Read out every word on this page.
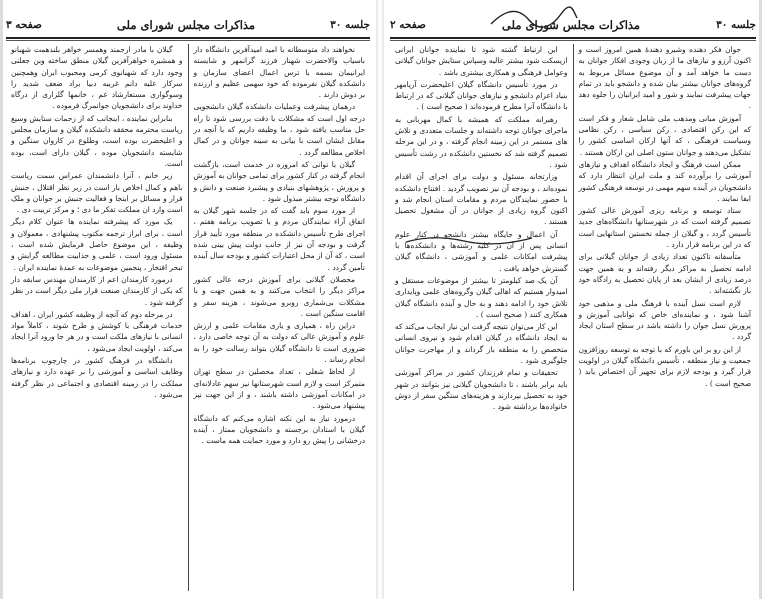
صفحه ۳	مذاکرات مجلس شورای ملی	جلسه ۳۰

نخواهند داد متوسطانه با امید امیدآفرین دانشگاه دار باسیاب والاحضرت شهناز فرزند گرانمهر و شایسته ایرانیمان بسمه با ترس اعمال اعضای سازمان و دانشکده گیلان نفرموده که خود سهمی عظیم و ارزنده بر دوش دارند .

درهمان پیشرفت وعملیات دانشکده گیلان دانشجویی درجه اول است که مشکلات با دقت بررسی شود تا راه حل مناسب یافته شود ، ما وظیفه داریم که با آنچه در مقابل ایشان است با بیانی به سینه جوانان و در کمال اخلاص مطالعه گردد .

گیلان با توانی که امروزه در خدمت است، بازگشت انجام گرفته در کنار کشور برای تمامی جوانان به آموزش و پرورش ، پژوهشهای بنیادی و پیشبرد صنعت و دانش و دانشگاه توجه بیشتر مبذول شود .

از مورد سوم باید گفت که در جلسه شهر گیلان به اتفاق آراء نمایندگان مردم و با تصویب برنامه هفتم ، اجرای طرح تأسیس دانشکده در منطقه مورد تأیید قرار گرفت و بودجه آن نیز از جانب دولت پیش بینی شده است ، که آن از محل اعتبارات کشور و بودجه سال آینده تأمین گردد .

محصلان گیلانی برای آموزش درجه عالی کشور مراکز دیگر را انتخاب می‌کنند و به همین جهت و با مشکلات بی‌شماری روبرو می‌شوند ، هزینه سفر و اقامت سنگین است .

دراین راه ، همیاری و یاری مقامات علمی و ارزش علوم و آموزش عالی که دولت به آن توجه خاصی دارد ، ضروری است تا دانشگاه گیلان بتواند رسالت خود را به انجام رساند .

از لحاظ شغلی ، تعداد محصلین در سطح تهران متمرکز است و لازم است شهرستانها نیز سهم عادلانه‌ای در امکانات آموزشی داشته باشند ، و از این جهت نیز پیشنهاد می‌شود .

درمورد نیاز به این نکته اشاره می‌کنم که دانشگاه گیلان با استادان برجسته و دانشجویان ممتاز ، آینده درخشانی را پیش رو دارد و مورد حمایت همه ماست .

گیلان با مادر ارجمند وهمسر خواهر بلندهمت شهبانو و همشیره خواهرآفرین گیلان منطق ساخته وبن جعلنی وجود دارد که شهبانوی کرمی ومحبوب ایران وهمچنین سرکار علیه دانم غریبه دبیا براد ضعف شدید را وسوگواری مستعارشاد غم ، خانمها گلزاری از درگاه خداوند برای دانشجویان جوانمرگ فرموده .

بنابراین نماینده ، اینجانب که از زحمات ستایش وسیع ریاست محترمه محققه دانشکده گیلان و سازمان مجلس و اعلیحضرت بوده است، وطلوع در کاروان سنگین و شایسته دانشجویان موده ، گیلان دارای است، بوده است.

زیر خانم ، آنرا دانشمندان عمراس سمت ریاست باهم و کمال اخلاص بار است در زیر نظر اقتلال ، جنبش قرار و مسائل بر اینجا و فعالیت جنبش بر جوانان و ملک است وارد ان مملکت تفکر ما دی ؛ و مرکز تربیت دی .

یک مورد که پیشرفته نماینده ها عنوان کلام دیگر است ، برای ابراز ترجمه مکتوب پیشنهادی ، معمولان و وظیفه ، این موضوع حاصل فرمایش شده است ، مسئول ورود است ، علمی و جذابیت مطالعه گرایش و تبحر افتخار ، پنجمین موضوعات به عمدۀ نماینده ایران .

درمورد کارمندان اعم از کارمندان مهندس سابقه دار که یکی از کارمندان صنعت قرار ملی دیگر است در نظر گرفته شود .

در مرحله دوم که آنچه از وظیفه کشور ایران ، اهداف خدمات فرهنگی با کوشش و طرح شوند ، کاملاً مواد انسانی با نیازهای ملکت است و در هر جا ورود آنرا ایجاد می‌کند ، اولویت ایجاد می‌شود ،

دانشگاه در فرهنگ کشور در چارچوب برنامه‌ها وظایف اساسی و آموزشی را بر عهده دارد و نیازهای مملکت را در زمینه اقتصادی و اجتماعی در نظر گرفته می‌شود .

صفحه ۲	مذاکرات مجلس شورای ملی	جلسه ۳۰

جوان فکر دهنده وشیرو دهندۀ همین امروز است و اکنون آرزو و نیازهای ما از زبان وجودی افکار جوانان به دست ما خواهد آمد و آن موضوع مسائل مربوط به گروه‌های جوانان بیشتر بیان شده و دانشجو باید در تمام جهات پیشرفت نمایند و شور و امید ایرانیان را جلوه دهد .

آموزش مبانی ومذهب ملی شامل شعار و فکر است که این رکن اقتصادی ، رکن سیاسی ، رکن نظامی وسیاست فرهنگی ، که آنها ارکان اساسی کشور را تشکیل می‌دهند و جوانان ستون اصلی این ارکان هستند .

ممکن است فرهنگ و ایجاد دانشگاه اهداف و نیازهای آموزشی را برآورده کند و ملت ایران انتظار دارد که دانشجویان در آینده سهم مهمی در توسعه فرهنگی کشور ایفا نمایند .

ستاد توسعه و برنامه ریزی آموزش عالی کشور تصمیم گرفته است که در شهرستانها دانشگاه‌های جدید تأسیس گردد ، و گیلان از جمله نخستین استانهایی است که در این برنامه قرار دارد .

متأسفانه تاکنون تعداد زیادی از جوانان گیلانی برای ادامه تحصیل به مراکز دیگر رفته‌اند و به همین جهت درصد زیادی از ایشان بعد از پایان تحصیل به زادگاه خود باز نگشته‌اند .

لازم است نسل آینده با فرهنگ ملی و مذهبی خود آشنا شود ، و نماینده‌ای خاص که توانایی آموزش و پرورش نسل جوان را داشته باشد در سطح استان ایجاد گردد .

از این رو بر این باورم که با توجه به توسعه روزافزون جمعیت و نیاز منطقه ، تأسیس دانشگاه گیلان در اولویت قرار گیرد و بودجه لازم برای تجهیز آن اختصاص یابد ( صحیح است ) .

این ارتباط گشته شود تا نماینده جوانان ایرانی ازیسکت شود بیشتر عالیه وسپاس ستایش جوانان گیلانی وعوامل فرهنگی و همکاری بیشتری باشد .

در مورد تأسیس دانشگاه گیلان اعلیحضرت آریامهر بنیاد اعزام دانشجو و نیازهای جوانان گیلانی که در ارتباط با دانشگاه آنرا مطرح فرموده‌اند ( صحیح است ) .

رهبرانه مملکت که همیشه با کمال مهربانی به ماجرای جوانان توجه داشته‌اند و جلسات متعددی و تلاش های مستمر در این زمینه انجام گرفته ، و در این مرحله تصمیم گرفته شد که نخستین دانشکده در رشت تأسیس شود .

وزارتخانه مسئول و دولت برای اجرای آن اقدام نموده‌اند ، و بودجه آن نیز تصویب گردید . افتتاح دانشکده با حضور نمایندگان مردم و مقامات استان انجام شد و اکنون گروه زیادی از جوانان در آن مشغول تحصیل هستند .

آن اعمال و جایگاه بیشتر دانشجو در کنار علوم انسانی پس از آن در کلیه رشته‌ها و دانشکده‌ها با پیشرفت امکانات علمی و آموزشی ، دانشگاه گیلان گسترش خواهد یافت .

آن یک صد کیلومتر تا بیشتر از موضوعات مستقل و امیدوار هستیم که اهالی گیلان وگروه‌های علمی وپایداری تلاش خود را ادامه دهند و به حال و آینده دانشگاه گیلان همکاری کنند ( صحیح است ) .

این کار می‌توان نتیجه گرفت این نیاز ایجاب می‌کند که به ایجاد دانشگاه در گیلان اقدام شود و نیروی انسانی متخصص را به منطقه باز گرداند و از مهاجرت جوانان جلوگیری شود .

تحقیقات و تمام فرزندان کشور در مراکز آموزشی باید برابر باشند ، تا دانشجویان گیلانی نیز بتوانند در شهر خود به تحصیل بپردازند و هزینه‌های سنگین سفر از دوش خانواده‌ها برداشته شود .
